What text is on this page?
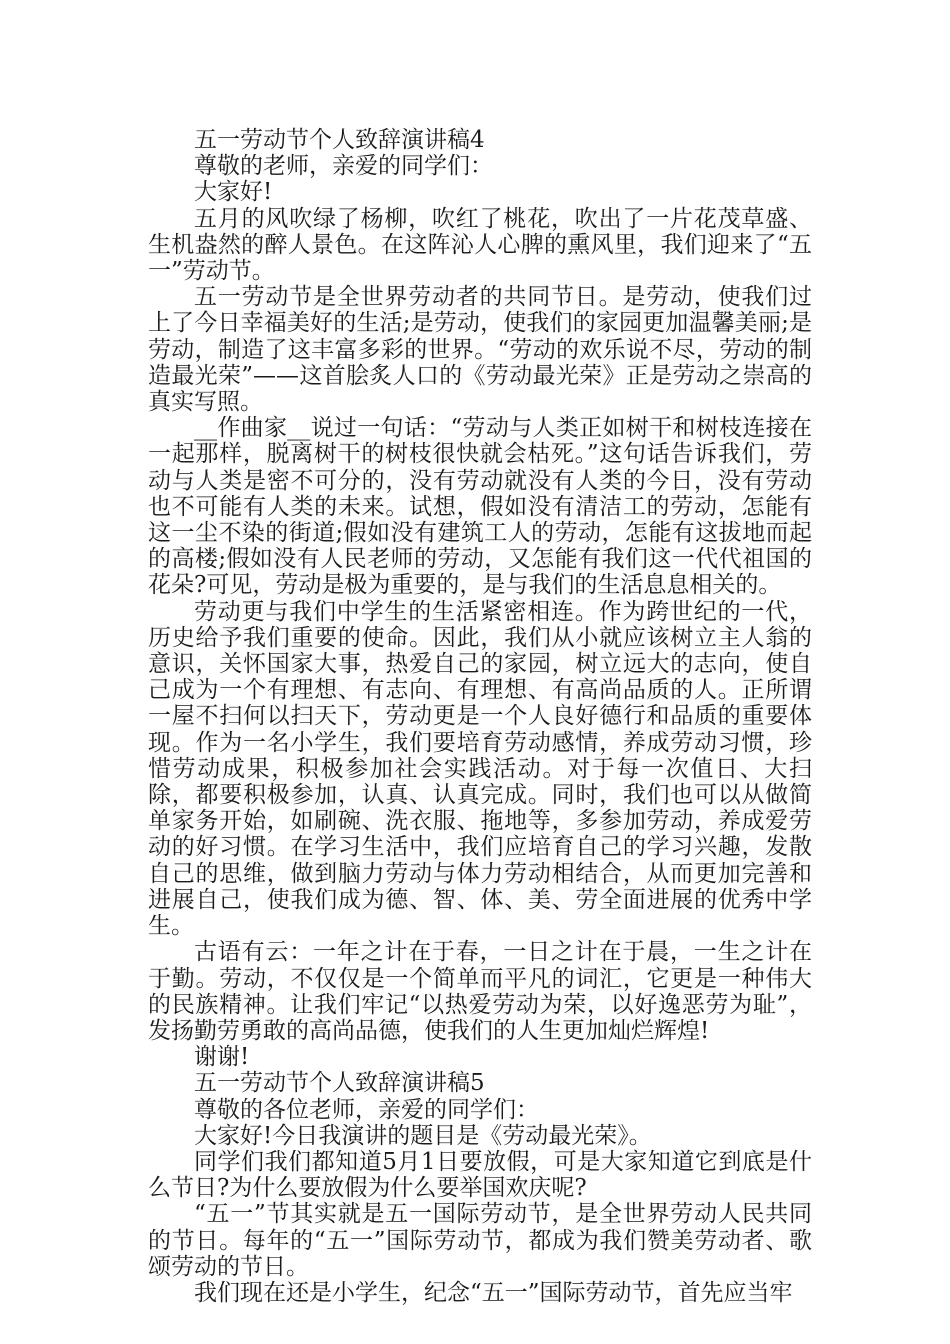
五一劳动节个人致辞演讲稿4

尊敬的老师，亲爱的同学们：

大家好!

五月的风吹绿了杨柳，吹红了桃花，吹出了一片花茂草盛、生机盎然的醉人景色。在这阵沁人心脾的熏风里，我们迎来了“五一”劳动节。

五一劳动节是全世界劳动者的共同节日。是劳动，使我们过上了今日幸福美好的生活;是劳动，使我们的家园更加温馨美丽;是劳动，制造了这丰富多彩的世界。“劳动的欢乐说不尽，劳动的制造最光荣”——这首脍炙人口的《劳动最光荣》正是劳动之崇高的真实写照。

__作曲家__说过一句话：“劳动与人类正如树干和树枝连接在一起那样，脱离树干的树枝很快就会枯死。”这句话告诉我们，劳动与人类是密不可分的，没有劳动就没有人类的今日，没有劳动也不可能有人类的未来。试想，假如没有清洁工的劳动，怎能有这一尘不染的街道;假如没有建筑工人的劳动，怎能有这拔地而起的高楼;假如没有人民老师的劳动，又怎能有我们这一代代祖国的花朵?可见，劳动是极为重要的，是与我们的生活息息相关的。

劳动更与我们中学生的生活紧密相连。作为跨世纪的一代，历史给予我们重要的使命。因此，我们从小就应该树立主人翁的意识，关怀国家大事，热爱自己的家园，树立远大的志向，使自己成为一个有理想、有志向、有理想、有高尚品质的人。正所谓一屋不扫何以扫天下，劳动更是一个人良好德行和品质的重要体现。作为一名小学生，我们要培育劳动感情，养成劳动习惯，珍惜劳动成果，积极参加社会实践活动。对于每一次值日、大扫除，都要积极参加，认真、认真完成。同时，我们也可以从做简单家务开始，如刷碗、洗衣服、拖地等，多参加劳动，养成爱劳动的好习惯。在学习生活中，我们应培育自己的学习兴趣，发散自己的思维，做到脑力劳动与体力劳动相结合，从而更加完善和进展自己，使我们成为德、智、体、美、劳全面进展的优秀中学生。

古语有云：一年之计在于春，一日之计在于晨，一生之计在于勤。劳动，不仅仅是一个简单而平凡的词汇，它更是一种伟大的民族精神。让我们牢记“以热爱劳动为荣，以好逸恶劳为耻”，发扬勤劳勇敢的高尚品德，使我们的人生更加灿烂辉煌!

谢谢!

五一劳动节个人致辞演讲稿5

尊敬的各位老师，亲爱的同学们：

大家好!今日我演讲的题目是《劳动最光荣》。

同学们我们都知道5月1日要放假，可是大家知道它到底是什么节日?为什么要放假为什么要举国欢庆呢?

“五一”节其实就是五一国际劳动节，是全世界劳动人民共同的节日。每年的“五一”国际劳动节，都成为我们赞美劳动者、歌颂劳动的节日。

我们现在还是小学生，纪念“五一”国际劳动节，首先应当牢
